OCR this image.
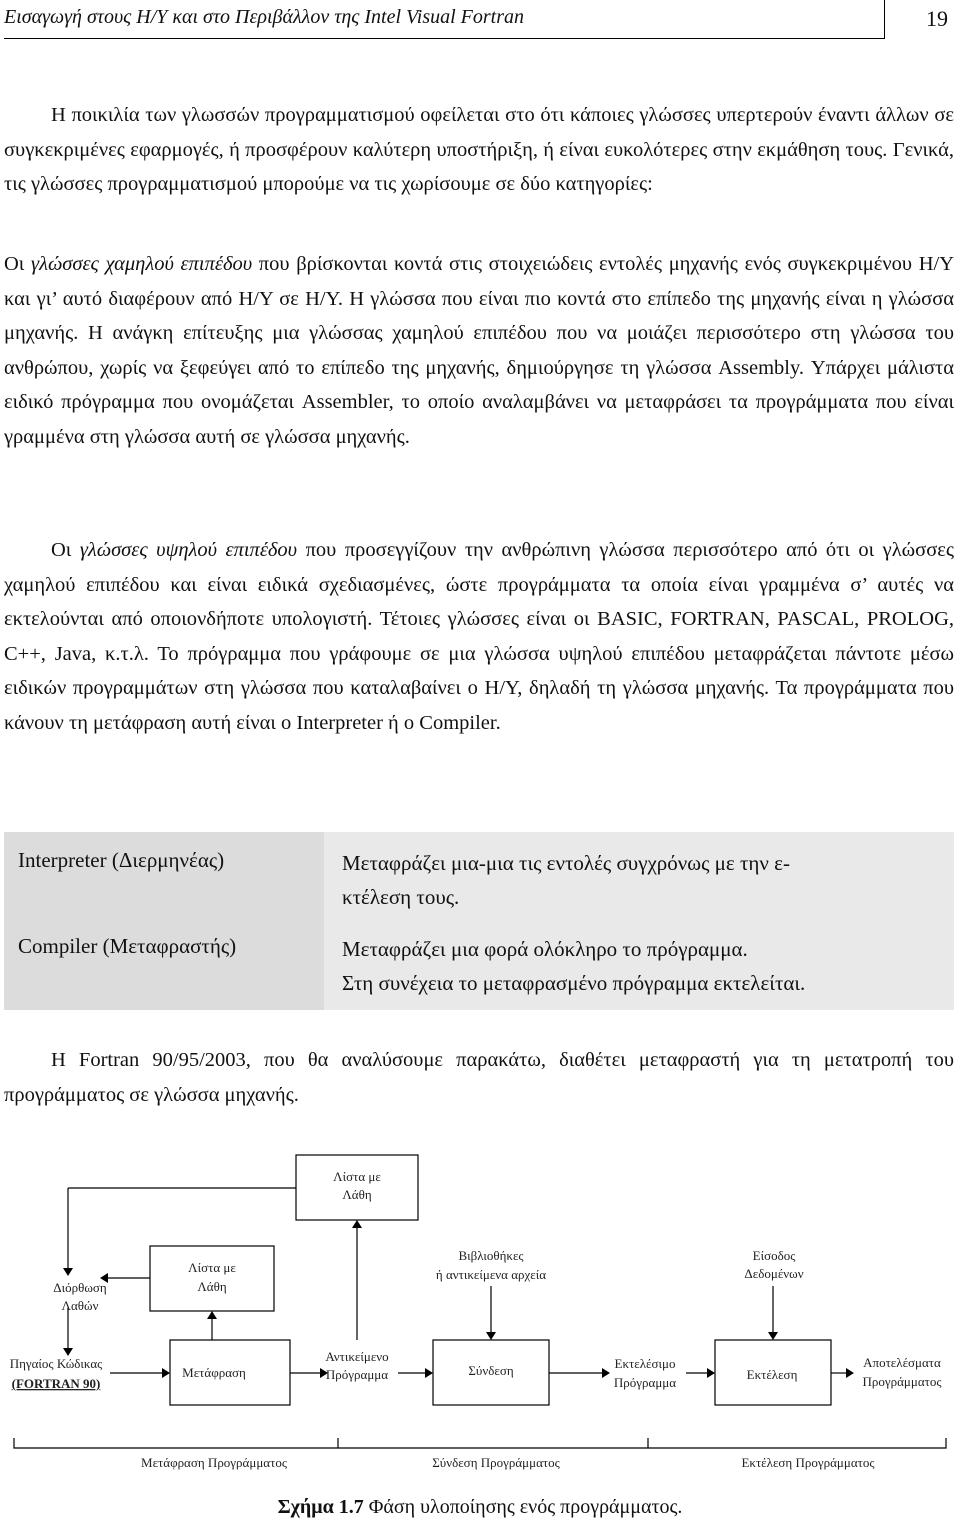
Εισαγωγή στους Η/Υ και στο Περιβάλλον της Intel Visual Fortran	19

Η ποικιλία των γλωσσών προγραμματισμού οφείλεται στο ότι κάποιες γλώσσες υπερτερούν έναντι άλλων σε συγκεκριμένες εφαρμογές, ή προσφέρουν καλύτερη υποστήριξη, ή είναι ευκολότερες στην εκμάθηση τους. Γενικά, τις γλώσσες προγραμματισμού μπορούμε να τις χωρίσουμε σε δύο κατηγορίες:

Οι γλώσσες χαμηλού επιπέδου που βρίσκονται κοντά στις στοιχειώδεις εντολές μηχανής ενός συγκεκριμένου Η/Υ και γι’ αυτό διαφέρουν από Η/Υ σε Η/Υ. Η γλώσσα που είναι πιο κοντά στο επίπεδο της μηχανής είναι η γλώσσα μηχανής. Η ανάγκη επίτευξης μια γλώσσας χαμηλού επιπέδου που να μοιάζει περισσότερο στη γλώσσα του ανθρώπου, χωρίς να ξεφεύγει από το επίπεδο της μηχανής, δημιούργησε τη γλώσσα Assembly. Υπάρχει μάλιστα ειδικό πρόγραμμα που ονομάζεται Assembler, το οποίο αναλαμβάνει να μεταφράσει τα προγράμματα που είναι γραμμένα στη γλώσσα αυτή σε γλώσσα μηχανής.

Οι γλώσσες υψηλού επιπέδου που προσεγγίζουν την ανθρώπινη γλώσσα περισσότερο από ότι οι γλώσσες χαμηλού επιπέδου και είναι ειδικά σχεδιασμένες, ώστε προγράμματα τα οποία είναι γραμμένα σ’ αυτές να εκτελούνται από οποιονδήποτε υπολογιστή. Τέτοιες γλώσσες είναι οι BASIC, FORTRAN, PASCAL, PROLOG, C++, Java, κ.τ.λ. Το πρόγραμμα που γράφουμε σε μια γλώσσα υψηλού επιπέδου μεταφράζεται πάντοτε μέσω ειδικών προγραμμάτων στη γλώσσα που καταλαβαίνει ο Η/Υ, δηλαδή τη γλώσσα μηχανής. Τα προγράμματα που κάνουν τη μετάφραση αυτή είναι ο Interpreter ή ο Compiler.

Interpreter (Διερμηνέας)	Μεταφράζει μια-μια τις εντολές συγχρόνως με την ε-
κτέλεση τους.
Compiler (Μεταφραστής)	Μεταφράζει μια φορά ολόκληρο το πρόγραμμα.
Στη συνέχεια το μεταφρασμένο πρόγραμμα εκτελείται.

Η Fortran 90/95/2003, που θα αναλύσουμε παρακάτω, διαθέτει μεταφραστή για τη μετατροπή του προγράμματος σε γλώσσα μηχανής.

Λίστα με
Λάθη
Λίστα με
Λάθη
Διόρθωση
Λαθών
Βιβλιοθήκες
ή αντικείμενα αρχεία
Είσοδος
Δεδομένων
Πηγαίος Κώδικας
(FORTRAN 90)
Μετάφραση
Αντικείμενο
Πρόγραμμα	Σύνδεση	Εκτελέσιμο
Πρόγραμμα
Εκτέλεση
Αποτελέσματα
Προγράμματος
Μετάφραση Προγράμματος	Σύνδεση Προγράμματος	Εκτέλεση Προγράμματος
Σχήμα 1.7 Φάση υλοποίησης ενός προγράμματος.
